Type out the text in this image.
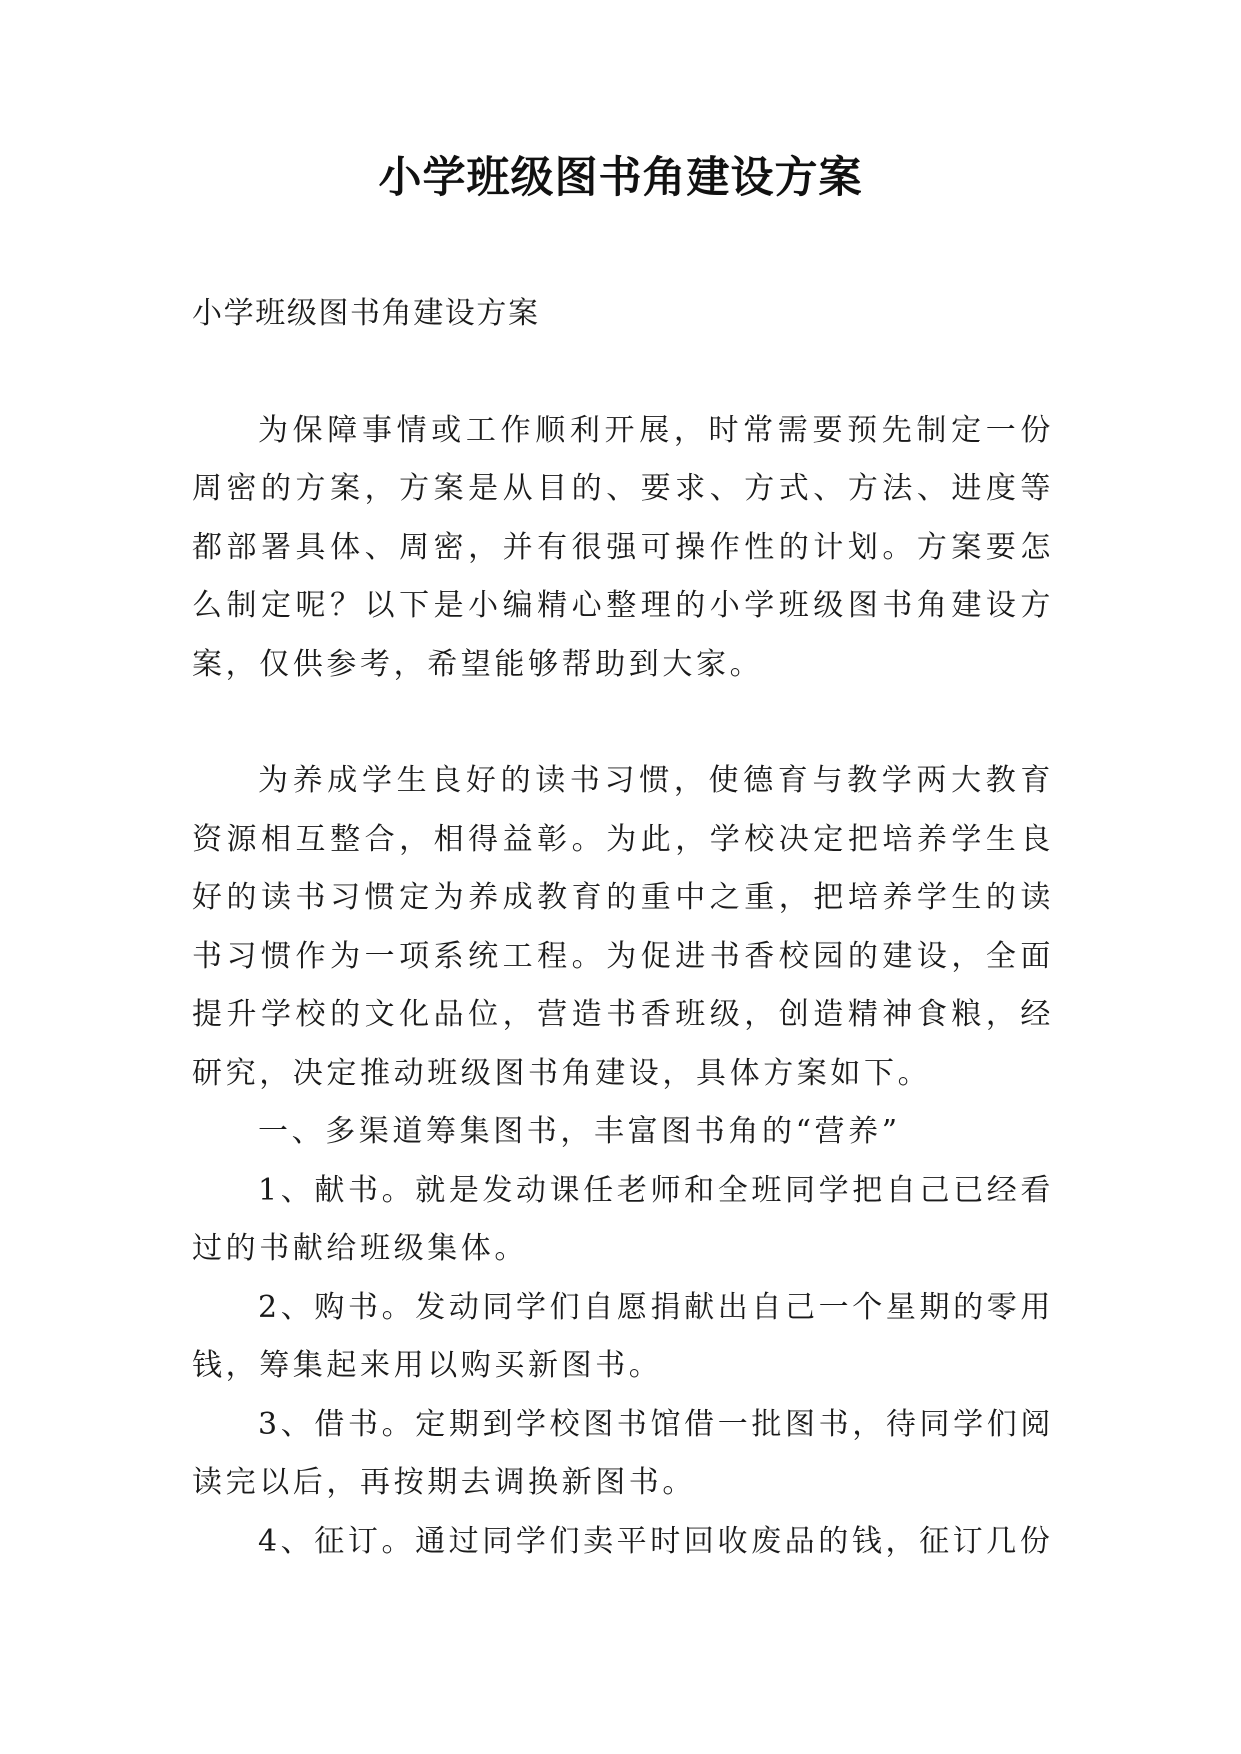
小学班级图书角建设方案

小学班级图书角建设方案

为保障事情或工作顺利开展，时常需要预先制定一份周密的方案，方案是从目的、要求、方式、方法、进度等都部署具体、周密，并有很强可操作性的计划。方案要怎么制定呢？以下是小编精心整理的小学班级图书角建设方案，仅供参考，希望能够帮助到大家。

为养成学生良好的读书习惯，使德育与教学两大教育资源相互整合，相得益彰。为此，学校决定把培养学生良好的读书习惯定为养成教育的重中之重，把培养学生的读书习惯作为一项系统工程。为促进书香校园的建设，全面提升学校的文化品位，营造书香班级，创造精神食粮，经研究，决定推动班级图书角建设，具体方案如下。

一、多渠道筹集图书，丰富图书角的“营养”

1、献书。就是发动课任老师和全班同学把自己已经看过的书献给班级集体。

2、购书。发动同学们自愿捐献出自己一个星期的零用钱，筹集起来用以购买新图书。

3、借书。定期到学校图书馆借一批图书，待同学们阅读完以后，再按期去调换新图书。

4、征订。通过同学们卖平时回收废品的钱，征订几份
